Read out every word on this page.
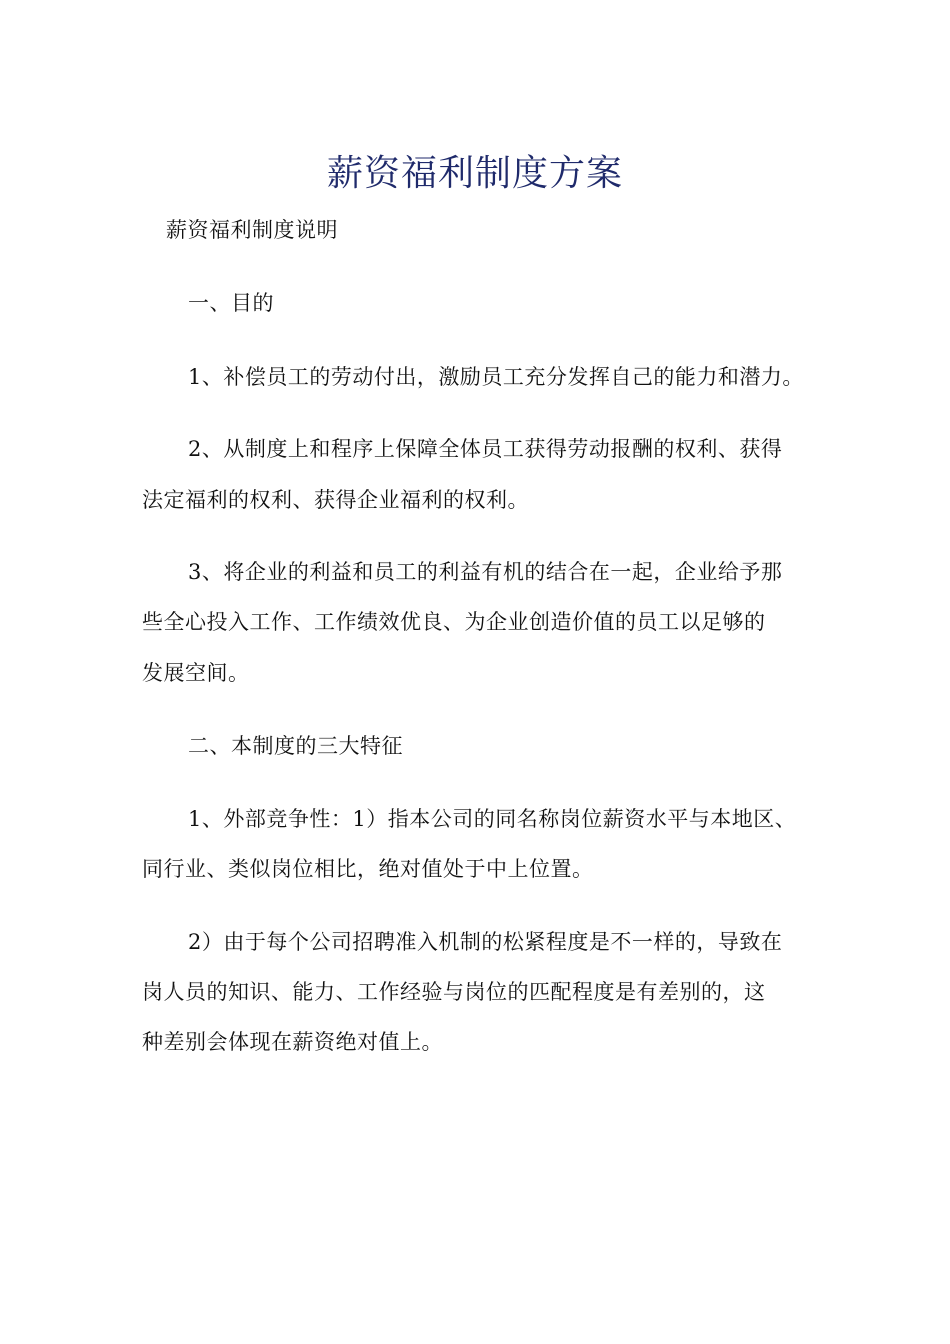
薪资福利制度方案
薪资福利制度说明
一、目的
1、补偿员工的劳动付出，激励员工充分发挥自己的能力和潜力。
2、从制度上和程序上保障全体员工获得劳动报酬的权利、获得
法定福利的权利、获得企业福利的权利。
3、将企业的利益和员工的利益有机的结合在一起，企业给予那
些全心投入工作、工作绩效优良、为企业创造价值的员工以足够的
发展空间。
二、本制度的三大特征
1、外部竞争性：1）指本公司的同名称岗位薪资水平与本地区、
同行业、类似岗位相比，绝对值处于中上位置。
2）由于每个公司招聘准入机制的松紧程度是不一样的，导致在
岗人员的知识、能力、工作经验与岗位的匹配程度是有差别的，这
种差别会体现在薪资绝对值上。
